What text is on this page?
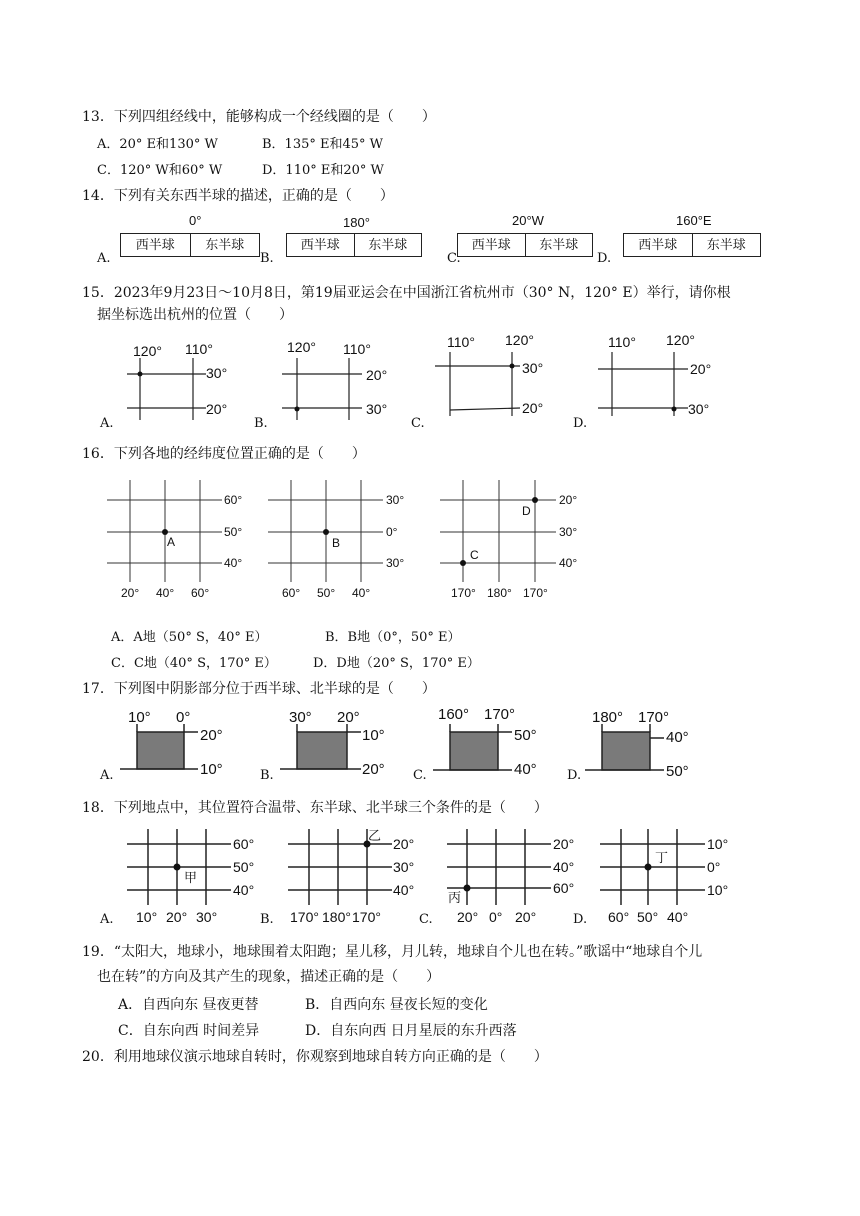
13．下列四组经线中，能够构成一个经线圈的是（　　）
A．20° E和130° W	B．135° E和45° W
C．120° W和60° W	D．110° E和20° W
14．下列有关东西半球的描述，正确的是（　　）
0°
A.
西半球	东半球
180°
B.
西半球	东半球
20°W
C.
西半球	东半球
160°E
D.
西半球	东半球
15．2023年9月23日～10月8日，第19届亚运会在中国浙江省杭州市（30° N，120° E）举行，请你根
据坐标选出杭州的位置（　　）
A.	B.	C.	D.
120° 110°
30°
20°
120° 110°
20°
30°
110° 120°
30°
20°
110° 120°
20°
30°
16．下列各地的经纬度位置正确的是（　　）
A
60°
50°
40°
20° 40° 60°
B
30°
0°
30°
60° 50° 40°
C
D
20°
30°
40°
170° 180° 170°
A．A地（50° S，40° E）	B．B地（0°，50° E）
C．C地（40° S，170° E）	D．D地（20° S，170° E）
17．下列图中阴影部分位于西半球、北半球的是（　　）
A.	B.	C.	D.
10° 0°
20°
10°
30° 20°
10°
20°
160° 170°
50°
40°
180° 170°
40°
50°
18．下列地点中，其位置符合温带、东半球、北半球三个条件的是（　　）
A.	B.	C.	D.
甲
60°
50°
40°
10° 20° 30°
乙
20°
30°
40°
170° 180° 170°
丙
20°
40°
60°
20° 0° 20°
丁
10°
0°
10°
60° 50° 40°
19．“太阳大，地球小，地球围着太阳跑；星儿移，月儿转，地球自个儿也在转。”歌谣中“地球自个儿
也在转”的方向及其产生的现象，描述正确的是（　　）
A．自西向东 昼夜更替	B．自西向东 昼夜长短的变化
C．自东向西 时间差异	D．自东向西 日月星辰的东升西落
20．利用地球仪演示地球自转时，你观察到地球自转方向正确的是（　　）
